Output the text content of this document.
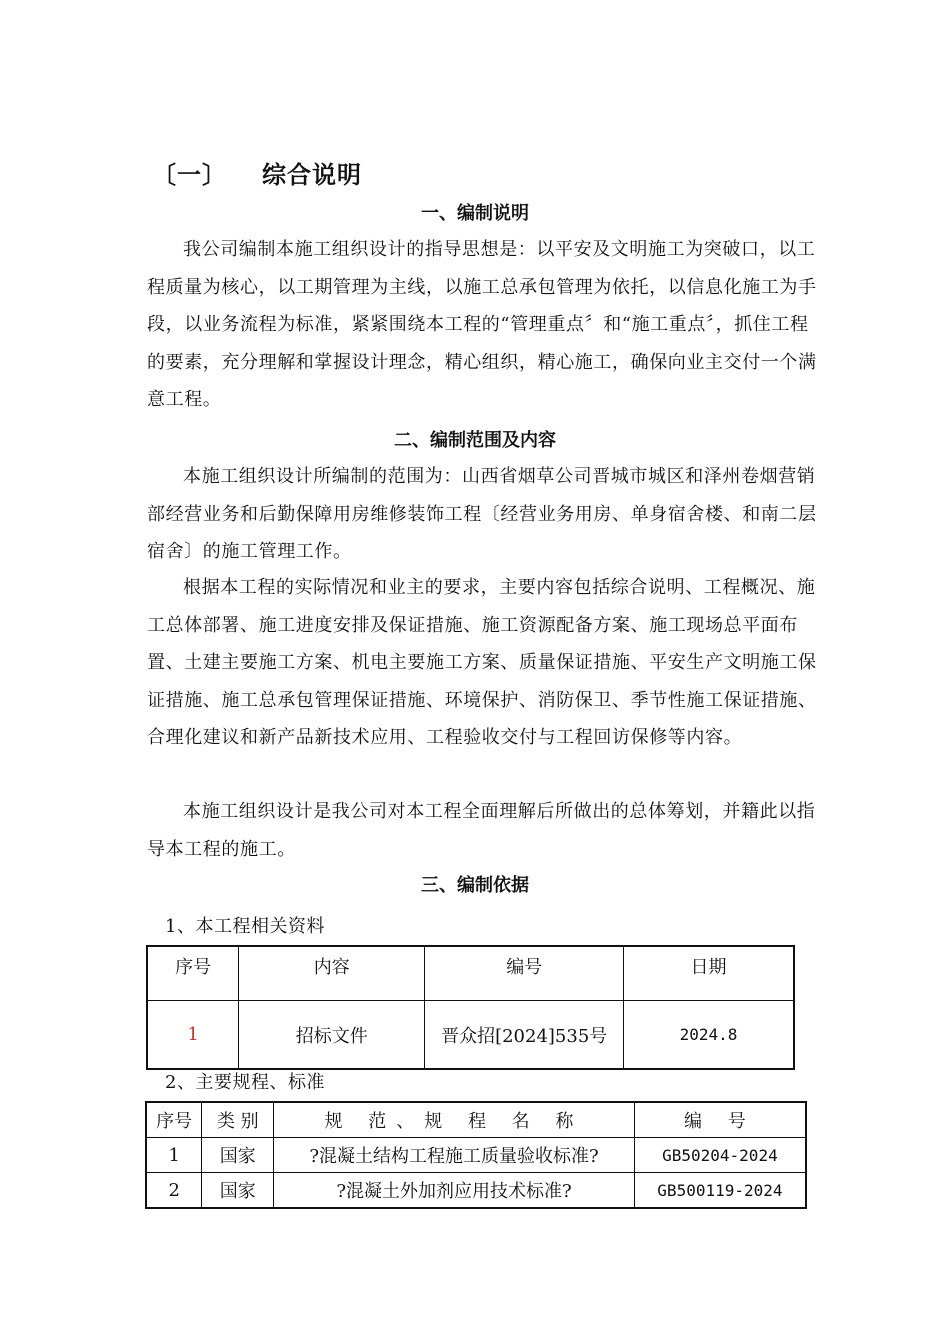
〔一〕 综合说明
一、编制说明

我公司编制本施工组织设计的指导思想是：以平安及文明施工为突破口，以工程质量为核心，以工期管理为主线，以施工总承包管理为依托，以信息化施工为手段，以业务流程为标准，紧紧围绕本工程的“管理重点〞和“施工重点〞，抓住工程的要素，充分理解和掌握设计理念，精心组织，精心施工，确保向业主交付一个满意工程。

二、编制范围及内容

本施工组织设计所编制的范围为：山西省烟草公司晋城市城区和泽州卷烟营销部经营业务和后勤保障用房维修装饰工程〔经营业务用房、单身宿舍楼、和南二层宿舍〕的施工管理工作。

根据本工程的实际情况和业主的要求，主要内容包括综合说明、工程概况、施工总体部署、施工进度安排及保证措施、施工资源配备方案、施工现场总平面布置、土建主要施工方案、机电主要施工方案、质量保证措施、平安生产文明施工保证措施、施工总承包管理保证措施、环境保护、消防保卫、季节性施工保证措施、合理化建议和新产品新技术应用、工程验收交付与工程回访保修等内容。

本施工组织设计是我公司对本工程全面理解后所做出的总体筹划，并籍此以指导本工程的施工。

三、编制依据
1、本工程相关资料
序号	内容	编号	日期
1	招标文件	晋众招[2024]535号	2024.8
2、主要规程、标准
序号	类 别	规 范、规 程 名 称	编 号
1	国家	?混凝土结构工程施工质量验收标准?	GB50204-2024
2	国家	?混凝土外加剂应用技术标准?	GB500119-2024
